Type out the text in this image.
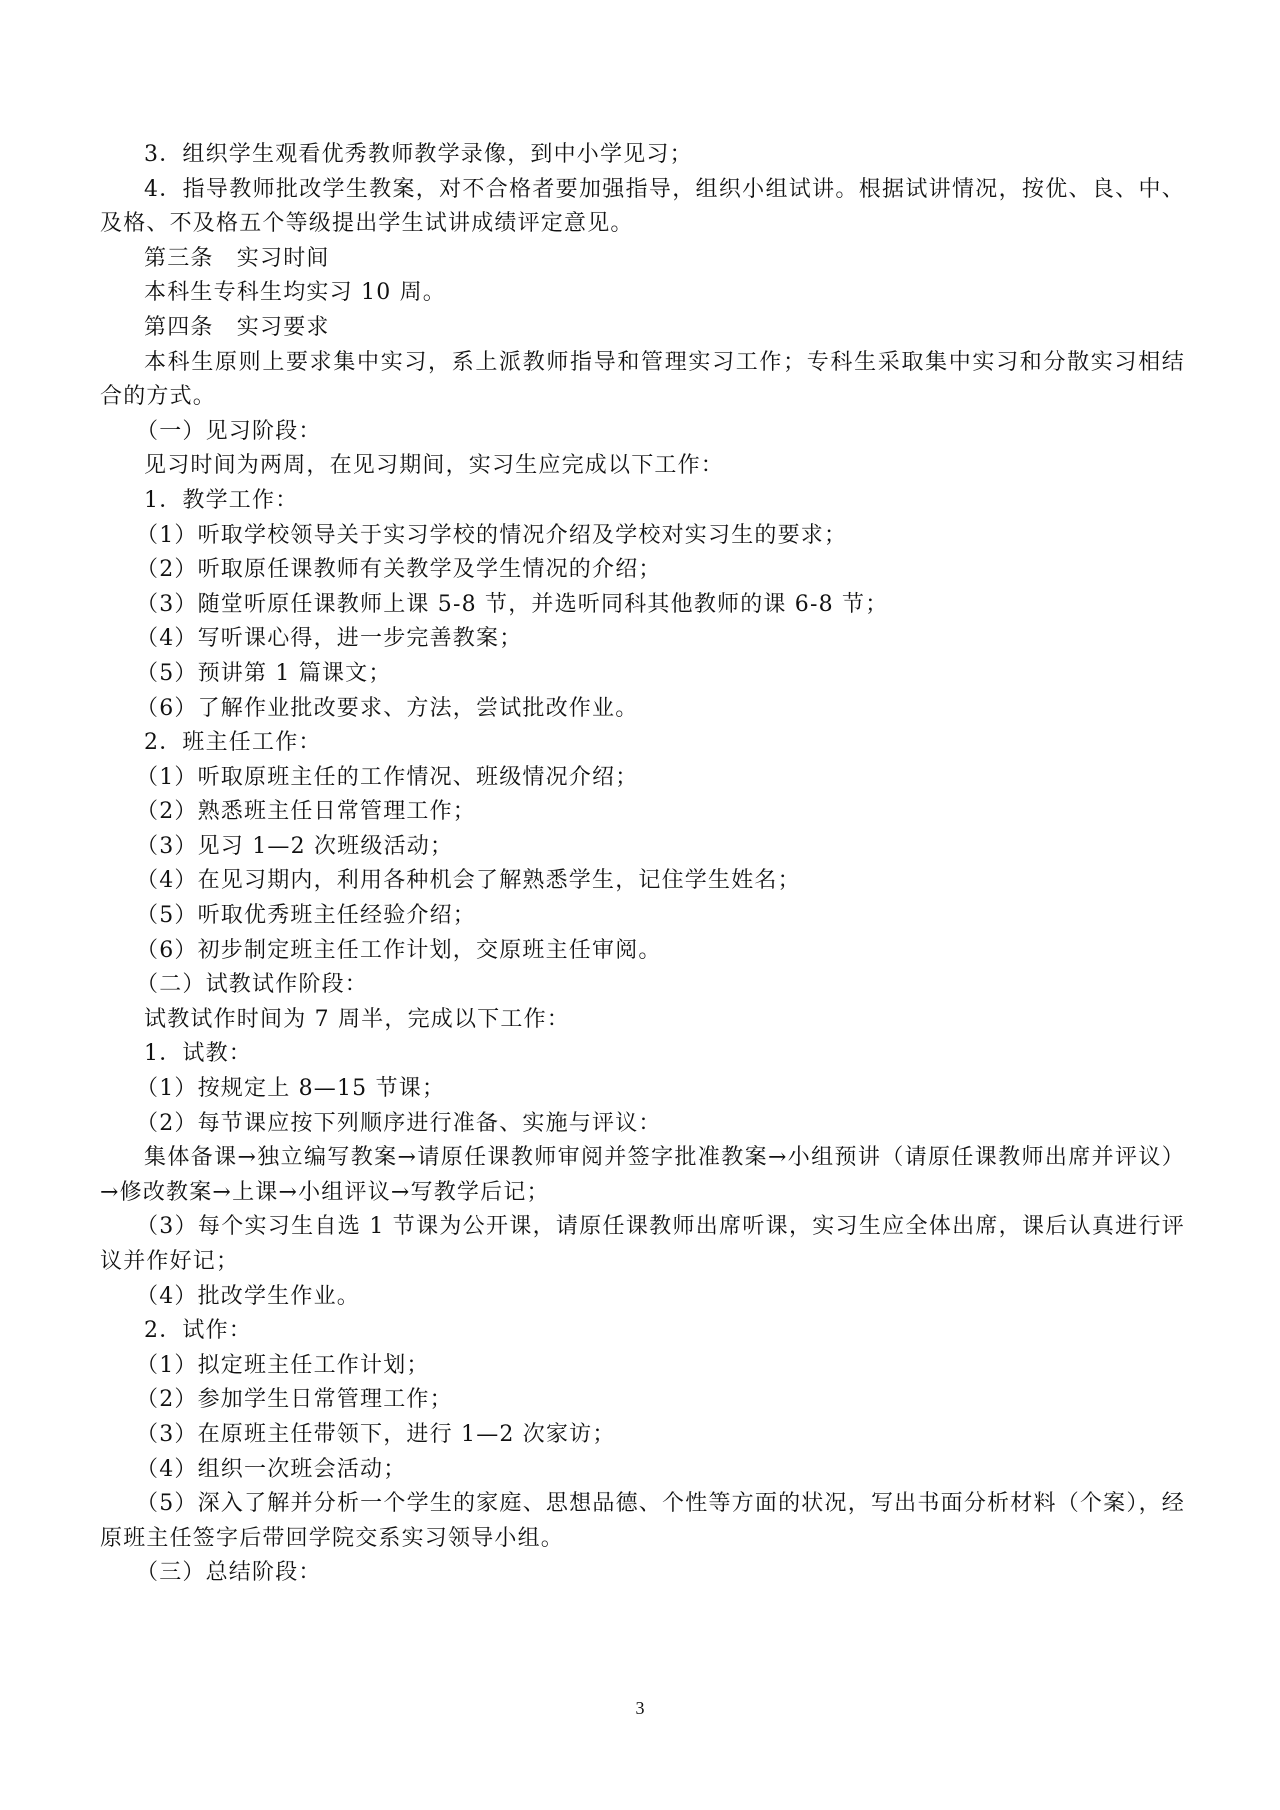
3．组织学生观看优秀教师教学录像，到中小学见习；

4．指导教师批改学生教案，对不合格者要加强指导，组织小组试讲。根据试讲情况，按优、良、中、及格、不及格五个等级提出学生试讲成绩评定意见。

第三条　实习时间

本科生专科生均实习 10 周。

第四条　实习要求

本科生原则上要求集中实习，系上派教师指导和管理实习工作；专科生采取集中实习和分散实习相结合的方式。

（一）见习阶段：

见习时间为两周，在见习期间，实习生应完成以下工作：

1．教学工作：

（1）听取学校领导关于实习学校的情况介绍及学校对实习生的要求；

（2）听取原任课教师有关教学及学生情况的介绍；

（3）随堂听原任课教师上课 5-8 节，并选听同科其他教师的课 6-8 节；

（4）写听课心得，进一步完善教案；

（5）预讲第 1 篇课文；

（6）了解作业批改要求、方法，尝试批改作业。

2．班主任工作：

（1）听取原班主任的工作情况、班级情况介绍；

（2）熟悉班主任日常管理工作；

（3）见习 1—2 次班级活动；

（4）在见习期内，利用各种机会了解熟悉学生，记住学生姓名；

（5）听取优秀班主任经验介绍；

（6）初步制定班主任工作计划，交原班主任审阅。

（二）试教试作阶段：

试教试作时间为 7 周半，完成以下工作：

1．试教：

（1）按规定上 8—15 节课；

（2）每节课应按下列顺序进行准备、实施与评议：

集体备课→独立编写教案→请原任课教师审阅并签字批准教案→小组预讲（请原任课教师出席并评议）→修改教案→上课→小组评议→写教学后记；

（3）每个实习生自选 1 节课为公开课，请原任课教师出席听课，实习生应全体出席，课后认真进行评议并作好记；

（4）批改学生作业。

2．试作：

（1）拟定班主任工作计划；

（2）参加学生日常管理工作；

（3）在原班主任带领下，进行 1—2 次家访；

（4）组织一次班会活动；

（5）深入了解并分析一个学生的家庭、思想品德、个性等方面的状况，写出书面分析材料（个案），经原班主任签字后带回学院交系实习领导小组。

（三）总结阶段：

3
